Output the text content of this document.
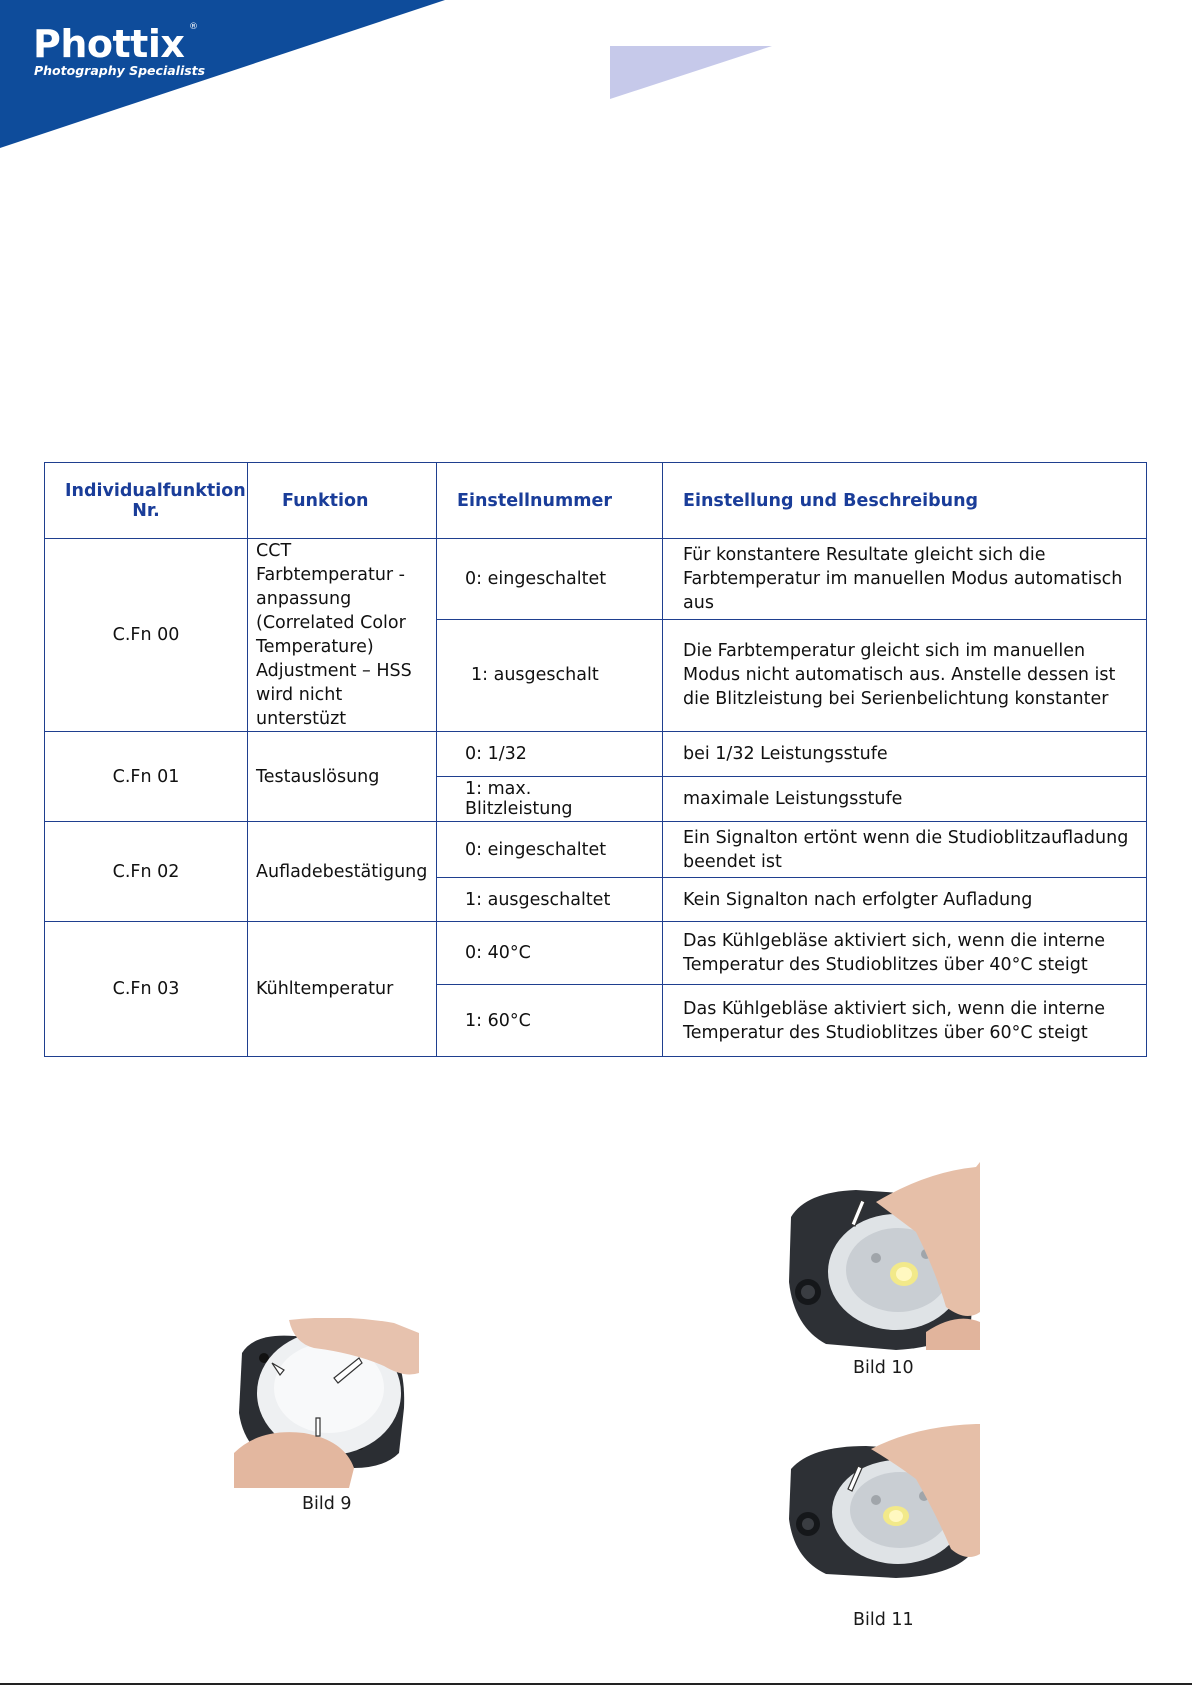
Phottix ®
Photography Specialists
Individualfunktion Nr.	Funktion	Einstellnummer	Einstellung und Beschreibung
C.Fn 00	CCT Farbtemperatur -anpassung (Correlated Color Temperature) Adjustment – HSS wird nicht unterstüzt	0: eingeschaltet	Für konstantere Resultate gleicht sich die Farbtemperatur im manuellen Modus automatisch aus
		1: ausgeschalt	Die Farbtemperatur gleicht sich im manuellen Modus nicht automatisch aus. Anstelle dessen ist die Blitzleistung bei Serienbelichtung konstanter
C.Fn 01	Testauslösung	0: 1/32	bei 1/32 Leistungsstufe
		1: max. Blitzleistung	maximale Leistungsstufe
C.Fn 02	Aufladebestätigung	0: eingeschaltet	Ein Signalton ertönt wenn die Studioblitzaufladung beendet ist
		1: ausgeschaltet	Kein Signalton nach erfolgter Aufladung
C.Fn 03	Kühltemperatur	0: 40°C	Das Kühlgebläse aktiviert sich, wenn die interne Temperatur des Studioblitzes über 40°C steigt
		1: 60°C	Das Kühlgebläse aktiviert sich, wenn die interne Temperatur des Studioblitzes über 60°C steigt
Bild 9
Bild 10
Bild 11
